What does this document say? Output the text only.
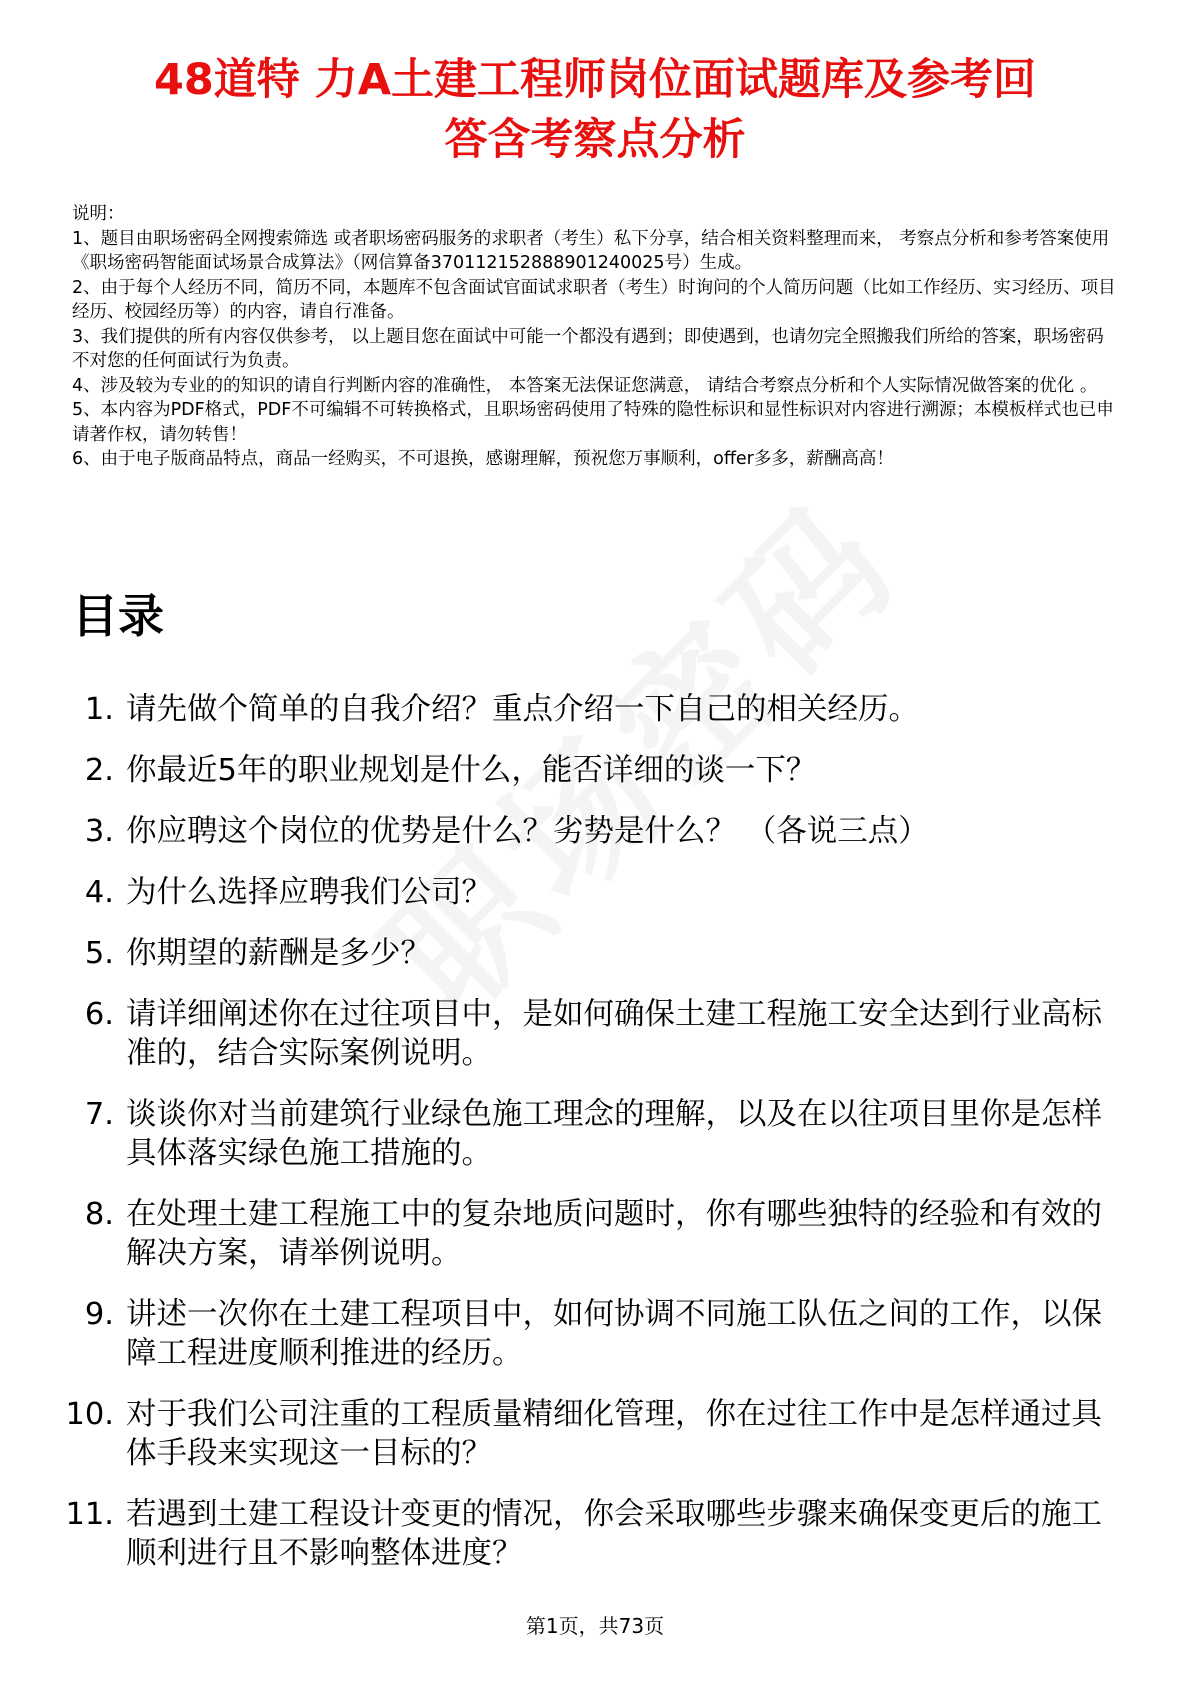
48道特 力A土建工程师岗位面试题库及参考回
答含考察点分析
说明：
1、题目由职场密码全网搜索筛选 或者职场密码服务的求职者（考生）私下分享，结合相关资料整理而来， 考察点分析和参考答案使用《职场密码智能面试场景合成算法》（网信算备370112152888901240025号）生成。
2、由于每个人经历不同，简历不同，本题库不包含面试官面试求职者（考生）时询问的个人简历问题（比如工作经历、实习经历、项目经历、校园经历等）的内容，请自行准备。
3、我们提供的所有内容仅供参考， 以上题目您在面试中可能一个都没有遇到；即使遇到，也请勿完全照搬我们所给的答案，职场密码不对您的任何面试行为负责。
4、涉及较为专业的的知识的请自行判断内容的准确性， 本答案无法保证您满意， 请结合考察点分析和个人实际情况做答案的优化 。
5、本内容为PDF格式，PDF不可编辑不可转换格式，且职场密码使用了特殊的隐性标识和显性标识对内容进行溯源；本模板样式也已申请著作权，请勿转售！
6、由于电子版商品特点，商品一经购买，不可退换，感谢理解，预祝您万事顺利，offer多多，薪酬高高！
目录
1. 请先做个简单的自我介绍？重点介绍一下自己的相关经历。
2. 你最近5年的职业规划是什么，能否详细的谈一下？
3. 你应聘这个岗位的优势是什么？劣势是什么？ （各说三点）
4. 为什么选择应聘我们公司？
5. 你期望的薪酬是多少？
6. 请详细阐述你在过往项目中，是如何确保土建工程施工安全达到行业高标准的，结合实际案例说明。
7. 谈谈你对当前建筑行业绿色施工理念的理解，以及在以往项目里你是怎样具体落实绿色施工措施的。
8. 在处理土建工程施工中的复杂地质问题时，你有哪些独特的经验和有效的解决方案，请举例说明。
9. 讲述一次你在土建工程项目中，如何协调不同施工队伍之间的工作，以保障工程进度顺利推进的经历。
10. 对于我们公司注重的工程质量精细化管理，你在过往工作中是怎样通过具体手段来实现这一目标的？
11. 若遇到土建工程设计变更的情况，你会采取哪些步骤来确保变更后的施工顺利进行且不影响整体进度？
第1页，共73页
